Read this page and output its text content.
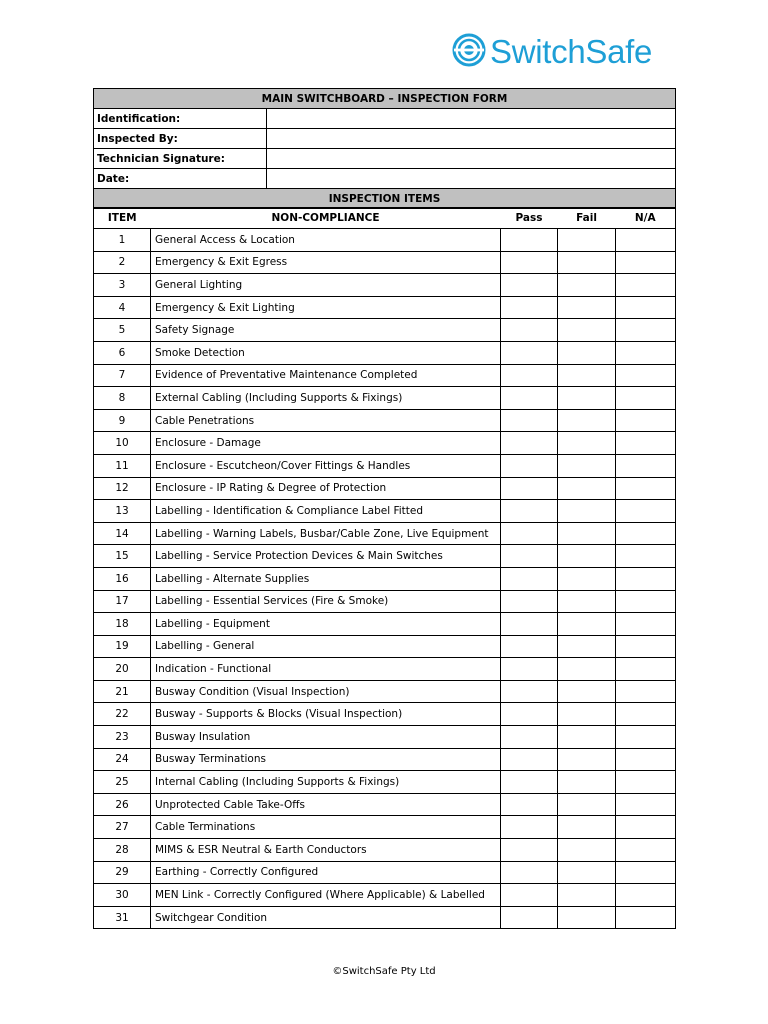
SwitchSafe
MAIN SWITCHBOARD – INSPECTION FORM	
Identification:	
Inspected By:	
Technician Signature:	
Date:	
INSPECTION ITEMS	
ITEM	NON-COMPLIANCE	Pass	Fail	N/A
1	General Access & Location			
2	Emergency & Exit Egress			
3	General Lighting			
4	Emergency & Exit Lighting			
5	Safety Signage			
6	Smoke Detection			
7	Evidence of Preventative Maintenance Completed			
8	External Cabling (Including Supports & Fixings)			
9	Cable Penetrations			
10	Enclosure - Damage			
11	Enclosure - Escutcheon/Cover Fittings & Handles			
12	Enclosure - IP Rating & Degree of Protection			
13	Labelling - Identification & Compliance Label Fitted			
14	Labelling - Warning Labels, Busbar/Cable Zone, Live Equipment			
15	Labelling - Service Protection Devices & Main Switches			
16	Labelling - Alternate Supplies			
17	Labelling - Essential Services (Fire & Smoke)			
18	Labelling - Equipment			
19	Labelling - General			
20	Indication - Functional			
21	Busway Condition (Visual Inspection)			
22	Busway - Supports & Blocks (Visual Inspection)			
23	Busway Insulation			
24	Busway Terminations			
25	Internal Cabling (Including Supports & Fixings)			
26	Unprotected Cable Take-Offs			
27	Cable Terminations			
28	MIMS & ESR Neutral & Earth Conductors			
29	Earthing - Correctly Configured			
30	MEN Link - Correctly Configured (Where Applicable) & Labelled			
31	Switchgear Condition			
©SwitchSafe Pty Ltd
